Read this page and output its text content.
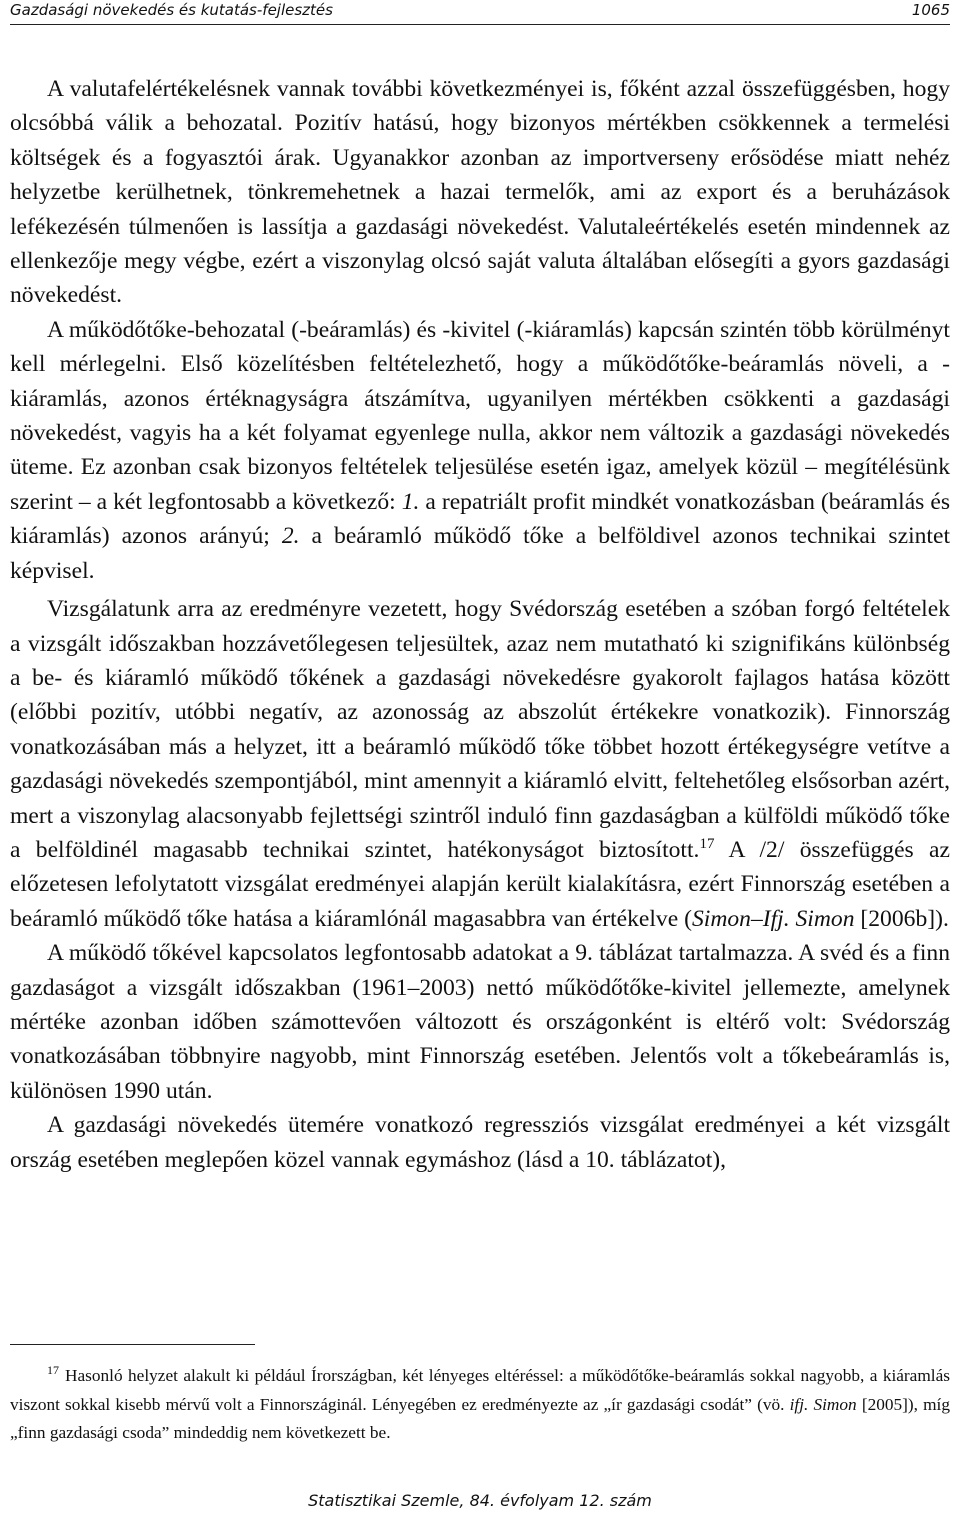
Gazdasági növekedés és kutatás-fejlesztés	1065

A valutafelértékelésnek vannak további következményei is, főként azzal összefüggésben, hogy olcsóbbá válik a behozatal. Pozitív hatású, hogy bizonyos mértékben csökkennek a termelési költségek és a fogyasztói árak. Ugyanakkor azonban az importverseny erősödése miatt nehéz helyzetbe kerülhetnek, tönkremehetnek a hazai termelők, ami az export és a beruházások lefékezésén túlmenően is lassítja a gazdasági növekedést. Valutaleértékelés esetén mindennek az ellenkezője megy végbe, ezért a viszonylag olcsó saját valuta általában elősegíti a gyors gazdasági növekedést.

A működőtőke-behozatal (-beáramlás) és -kivitel (-kiáramlás) kapcsán szintén több körülményt kell mérlegelni. Első közelítésben feltételezhető, hogy a működőtőke-beáramlás növeli, a -kiáramlás, azonos értéknagyságra átszámítva, ugyanilyen mértékben csökkenti a gazdasági növekedést, vagyis ha a két folyamat egyenlege nulla, akkor nem változik a gazdasági növekedés üteme. Ez azonban csak bizonyos feltételek teljesülése esetén igaz, amelyek közül – megítélésünk szerint – a két legfontosabb a következő: 1. a repatriált profit mindkét vonatkozásban (beáramlás és kiáramlás) azonos arányú; 2. a beáramló működő tőke a belföldivel azonos technikai szintet képvisel.

Vizsgálatunk arra az eredményre vezetett, hogy Svédország esetében a szóban forgó feltételek a vizsgált időszakban hozzávetőlegesen teljesültek, azaz nem mutatható ki szignifikáns különbség a be- és kiáramló működő tőkének a gazdasági növekedésre gyakorolt fajlagos hatása között (előbbi pozitív, utóbbi negatív, az azonosság az abszolút értékekre vonatkozik). Finnország vonatkozásában más a helyzet, itt a beáramló működő tőke többet hozott értékegységre vetítve a gazdasági növekedés szempontjából, mint amennyit a kiáramló elvitt, feltehetőleg elsősorban azért, mert a viszonylag alacsonyabb fejlettségi szintről induló finn gazdaságban a külföldi működő tőke a belföldinél magasabb technikai szintet, hatékonyságot biztosított.$^{17}$ A /2/ összefüggés az előzetesen lefolytatott vizsgálat eredményei alapján került kialakításra, ezért Finnország esetében a beáramló működő tőke hatása a kiáramlónál magasabbra van értékelve (Simon–Ifj. Simon [2006b]).

A működő tőkével kapcsolatos legfontosabb adatokat a 9. táblázat tartalmazza. A svéd és a finn gazdaságot a vizsgált időszakban (1961–2003) nettó működőtőke-kivitel jellemezte, amelynek mértéke azonban időben számottevően változott és országonként is eltérő volt: Svédország vonatkozásában többnyire nagyobb, mint Finnország esetében. Jelentős volt a tőkebeáramlás is, különösen 1990 után.

A gazdasági növekedés ütemére vonatkozó regressziós vizsgálat eredményei a két vizsgált ország esetében meglepően közel vannak egymáshoz (lásd a 10. táblázatot),

$^{17}$ Hasonló helyzet alakult ki például Írországban, két lényeges eltéréssel: a működőtőke-beáramlás sokkal nagyobb, a kiáramlás viszont sokkal kisebb mérvű volt a Finnországinál. Lényegében ez eredményezte az „ír gazdasági csodát” (vö. ifj. Simon [2005]), míg „finn gazdasági csoda” mindeddig nem következett be.

Statisztikai Szemle, 84. évfolyam 12. szám
